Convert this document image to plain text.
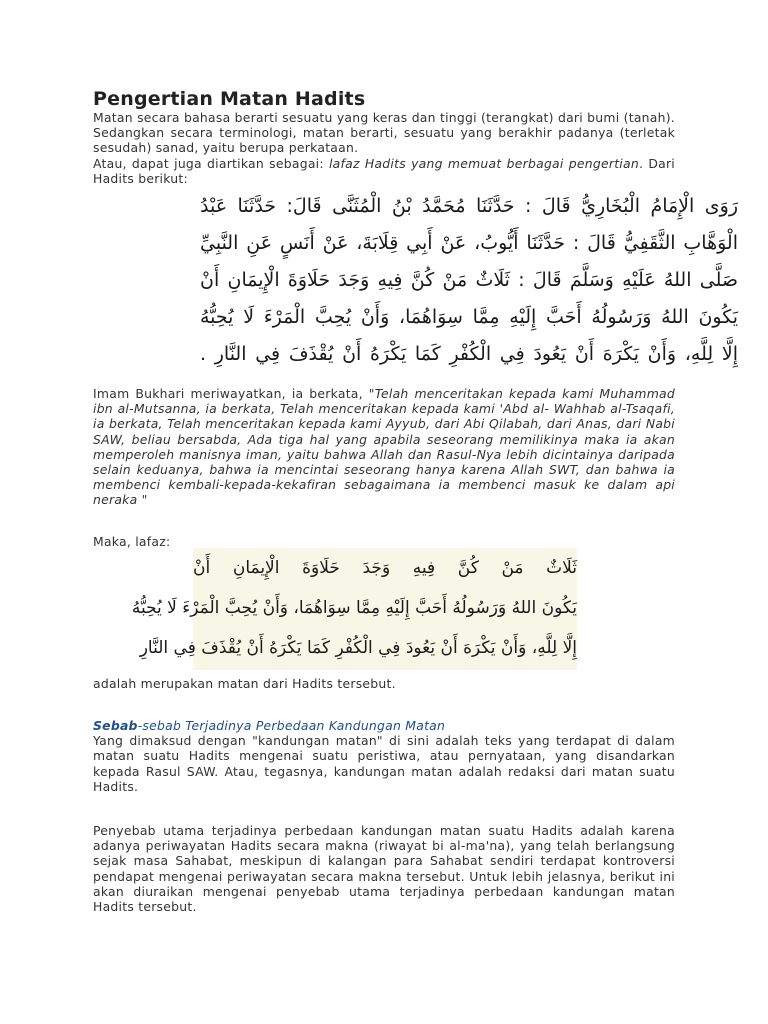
Pengertian Matan Hadits

Matan secara bahasa berarti sesuatu yang keras dan tinggi (terangkat) dari bumi (tanah). Sedangkan secara terminologi, matan berarti, sesuatu yang berakhir padanya (terletak sesudah) sanad, yaitu berupa perkataan.

Atau, dapat juga diartikan sebagai: lafaz Hadits yang memuat berbagai pengertian. Dari Hadits berikut:

رَوَى الْإِمَامُ الْبُخَارِيُّ قَالَ : حَدَّثَنَا مُحَمَّدُ بْنُ الْمُثَنَّى قَالَ: حَدَّثَنَا عَبْدُ
الْوَهَّابِ الثَّقَفِيُّ قَالَ : حَدَّثَنَا أَيُّوبُ، عَنْ أَبِي قِلَابَةَ، عَنْ أَنَسٍ عَنِ النَّبِيِّ
صَلَّى اللهُ عَلَيْهِ وَسَلَّمَ قَالَ : ثَلَاثٌ مَنْ كُنَّ فِيهِ وَجَدَ حَلَاوَةَ الْإِيمَانِ أَنْ
يَكُونَ اللهُ وَرَسُولُهُ أَحَبَّ إِلَيْهِ مِمَّا سِوَاهُمَا، وَأَنْ يُحِبَّ الْمَرْءَ لَا يُحِبُّهُ
إِلَّا لِلَّهِ، وَأَنْ يَكْرَهَ أَنْ يَعُودَ فِي الْكُفْرِ كَمَا يَكْرَهُ أَنْ يُقْذَفَ فِي النَّارِ .

Imam Bukhari meriwayatkan, ia berkata, "Telah menceritakan kepada kami Muhammad ibn al-Mutsanna, ia berkata, Telah menceritakan kepada kami 'Abd al- Wahhab al-Tsaqafi, ia berkata, Telah menceritakan kepada kami Ayyub, dari Abi Qilabah, dari Anas, dari Nabi SAW, beliau bersabda, Ada tiga hal yang apabila seseorang memilikinya maka ia akan memperoleh manisnya iman, yaitu bahwa Allah dan Rasul-Nya lebih dicintainya daripada selain keduanya, bahwa ia mencintai seseorang hanya karena Allah SWT, dan bahwa ia membenci kembali-kepada-kekafiran sebagaimana ia membenci masuk ke dalam api neraka "

Maka, lafaz:

ثَلَاثٌ مَنْ كُنَّ فِيهِ وَجَدَ حَلَاوَةَ الْإِيمَانِ أَنْ
يَكُونَ اللهُ وَرَسُولُهُ أَحَبَّ إِلَيْهِ مِمَّا سِوَاهُمَا، وَأَنْ يُحِبَّ الْمَرْءَ لَا يُحِبُّهُ
إِلَّا لِلَّهِ، وَأَنْ يَكْرَهَ أَنْ يَعُودَ فِي الْكُفْرِ كَمَا يَكْرَهُ أَنْ يُقْذَفَ فِي النَّارِ

adalah merupakan matan dari Hadits tersebut.

Sebab-sebab Terjadinya Perbedaan Kandungan Matan

Yang dimaksud dengan "kandungan matan" di sini adalah teks yang terdapat di dalam matan suatu Hadits mengenai suatu peristiwa, atau pernyataan, yang disandarkan kepada Rasul SAW. Atau, tegasnya, kandungan matan adalah redaksi dari matan suatu Hadits.

Penyebab utama terjadinya perbedaan kandungan matan suatu Hadits adalah karena adanya periwayatan Hadits secara makna (riwayat bi al-ma'na), yang telah berlangsung sejak masa Sahabat, meskipun di kalangan para Sahabat sendiri terdapat kontroversi pendapat mengenai periwayatan secara makna tersebut. Untuk lebih jelasnya, berikut ini akan diuraikan mengenai penyebab utama terjadinya perbedaan kandungan matan Hadits tersebut.
